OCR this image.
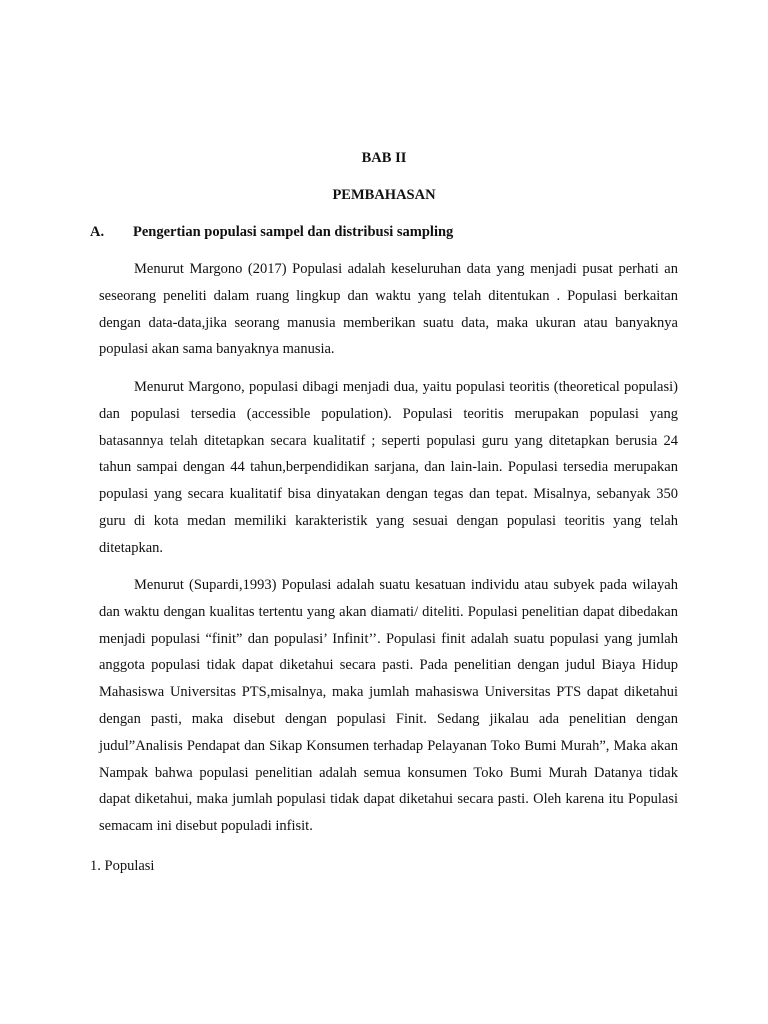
BAB II
PEMBAHASAN
A. Pengertian populasi sampel dan distribusi sampling

Menurut Margono (2017) Populasi adalah keseluruhan data yang menjadi pusat perhati an seseorang peneliti dalam ruang lingkup dan waktu yang telah ditentukan . Populasi berkaitan dengan data-data,jika seorang manusia memberikan suatu data, maka ukuran atau banyaknya populasi akan sama banyaknya manusia.

Menurut Margono, populasi dibagi menjadi dua, yaitu populasi teoritis (theoretical populasi) dan populasi tersedia (accessible population). Populasi teoritis merupakan populasi yang batasannya telah ditetapkan secara kualitatif ; seperti populasi guru yang ditetapkan berusia 24 tahun sampai dengan 44 tahun,berpendidikan sarjana, dan lain-lain. Populasi tersedia merupakan populasi yang secara kualitatif bisa dinyatakan dengan tegas dan tepat. Misalnya, sebanyak 350 guru di kota medan memiliki karakteristik yang sesuai dengan populasi teoritis yang telah ditetapkan.

Menurut (Supardi,1993) Populasi adalah suatu kesatuan individu atau subyek pada wilayah dan waktu dengan kualitas tertentu yang akan diamati/ diteliti. Populasi penelitian dapat dibedakan menjadi populasi “finit” dan populasi’ Infinit’’. Populasi finit adalah suatu populasi yang jumlah anggota populasi tidak dapat diketahui secara pasti. Pada penelitian dengan judul Biaya Hidup Mahasiswa Universitas PTS,misalnya, maka jumlah mahasiswa Universitas PTS dapat diketahui dengan pasti, maka disebut dengan populasi Finit. Sedang jikalau ada penelitian dengan judul”Analisis Pendapat dan Sikap Konsumen terhadap Pelayanan Toko Bumi Murah”, Maka akan Nampak bahwa populasi penelitian adalah semua konsumen Toko Bumi Murah Datanya tidak dapat diketahui, maka jumlah populasi tidak dapat diketahui secara pasti. Oleh karena itu Populasi semacam ini disebut populadi infisit.

1. Populasi
